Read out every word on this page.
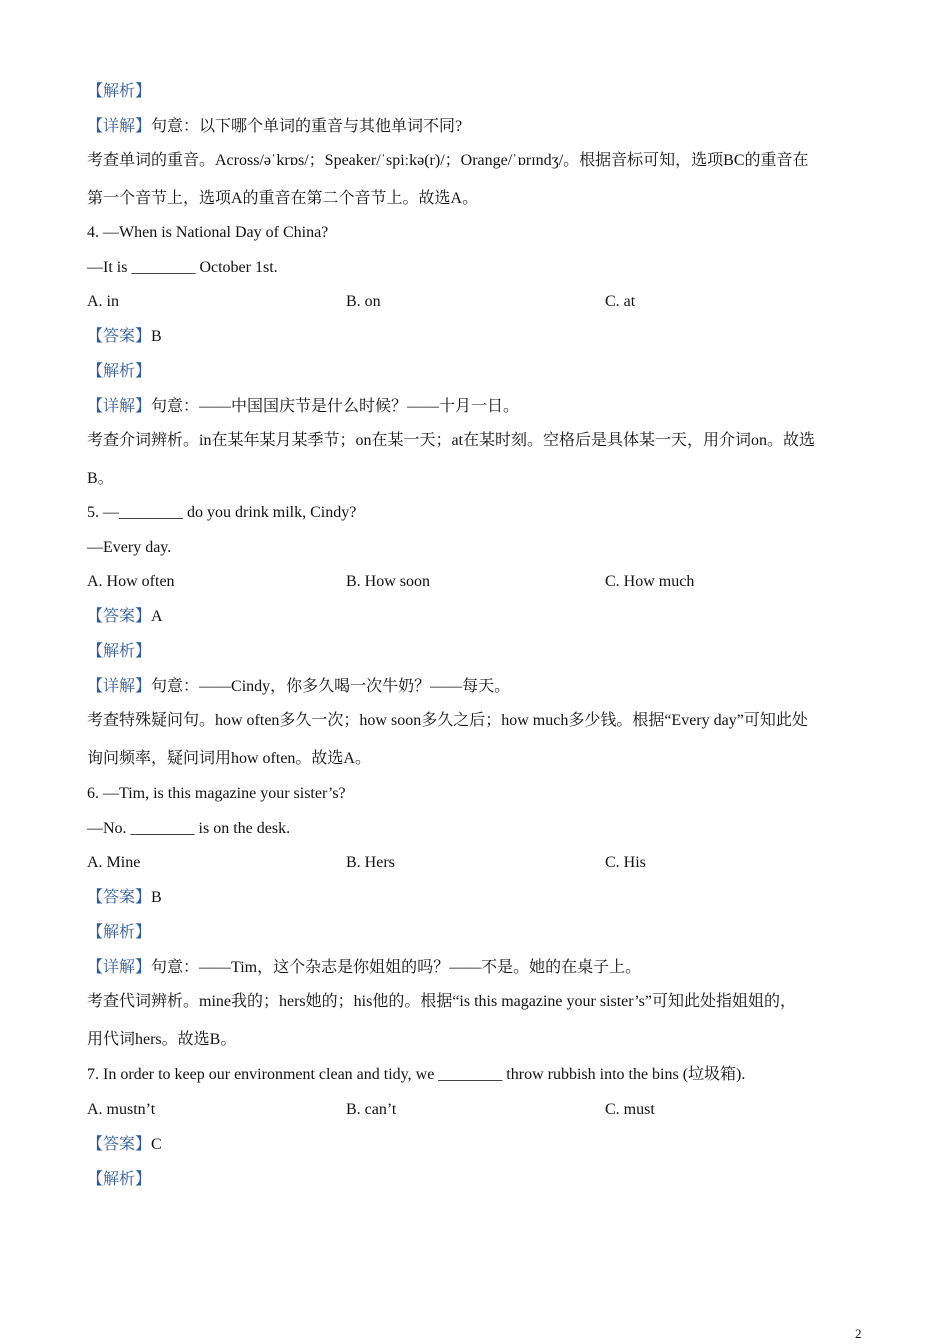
【解析】
【详解】句意：以下哪个单词的重音与其他单词不同?
考查单词的重音。Across/əˈkrɒs/；Speaker/ˈspiːkə(r)/；Orange/ˈɒrɪndʒ/。根据音标可知，选项BC的重音在
第一个音节上，选项A的重音在第二个音节上。故选A。
4. —When is National Day of China?
—It is ________ October 1st.
A. in	B. on	C. at
【答案】B
【解析】
【详解】句意：——中国国庆节是什么时候？——十月一日。
考查介词辨析。in在某年某月某季节；on在某一天；at在某时刻。空格后是具体某一天，用介词on。故选
B。
5. —________ do you drink milk, Cindy?
—Every day.
A. How often	B. How soon	C. How much
【答案】A
【解析】
【详解】句意：——Cindy，你多久喝一次牛奶？——每天。
考查特殊疑问句。how often多久一次；how soon多久之后；how much多少钱。根据“Every day”可知此处
询问频率，疑问词用how often。故选A。
6. —Tim, is this magazine your sister’s?
—No. ________ is on the desk.
A. Mine	B. Hers	C. His
【答案】B
【解析】
【详解】句意：——Tim，这个杂志是你姐姐的吗？——不是。她的在桌子上。
考查代词辨析。mine我的；hers她的；his他的。根据“is this magazine your sister’s”可知此处指姐姐的，
用代词hers。故选B。
7. In order to keep our environment clean and tidy, we ________ throw rubbish into the bins (垃圾箱).
A. mustn’t	B. can’t	C. must
【答案】C
【解析】
2
